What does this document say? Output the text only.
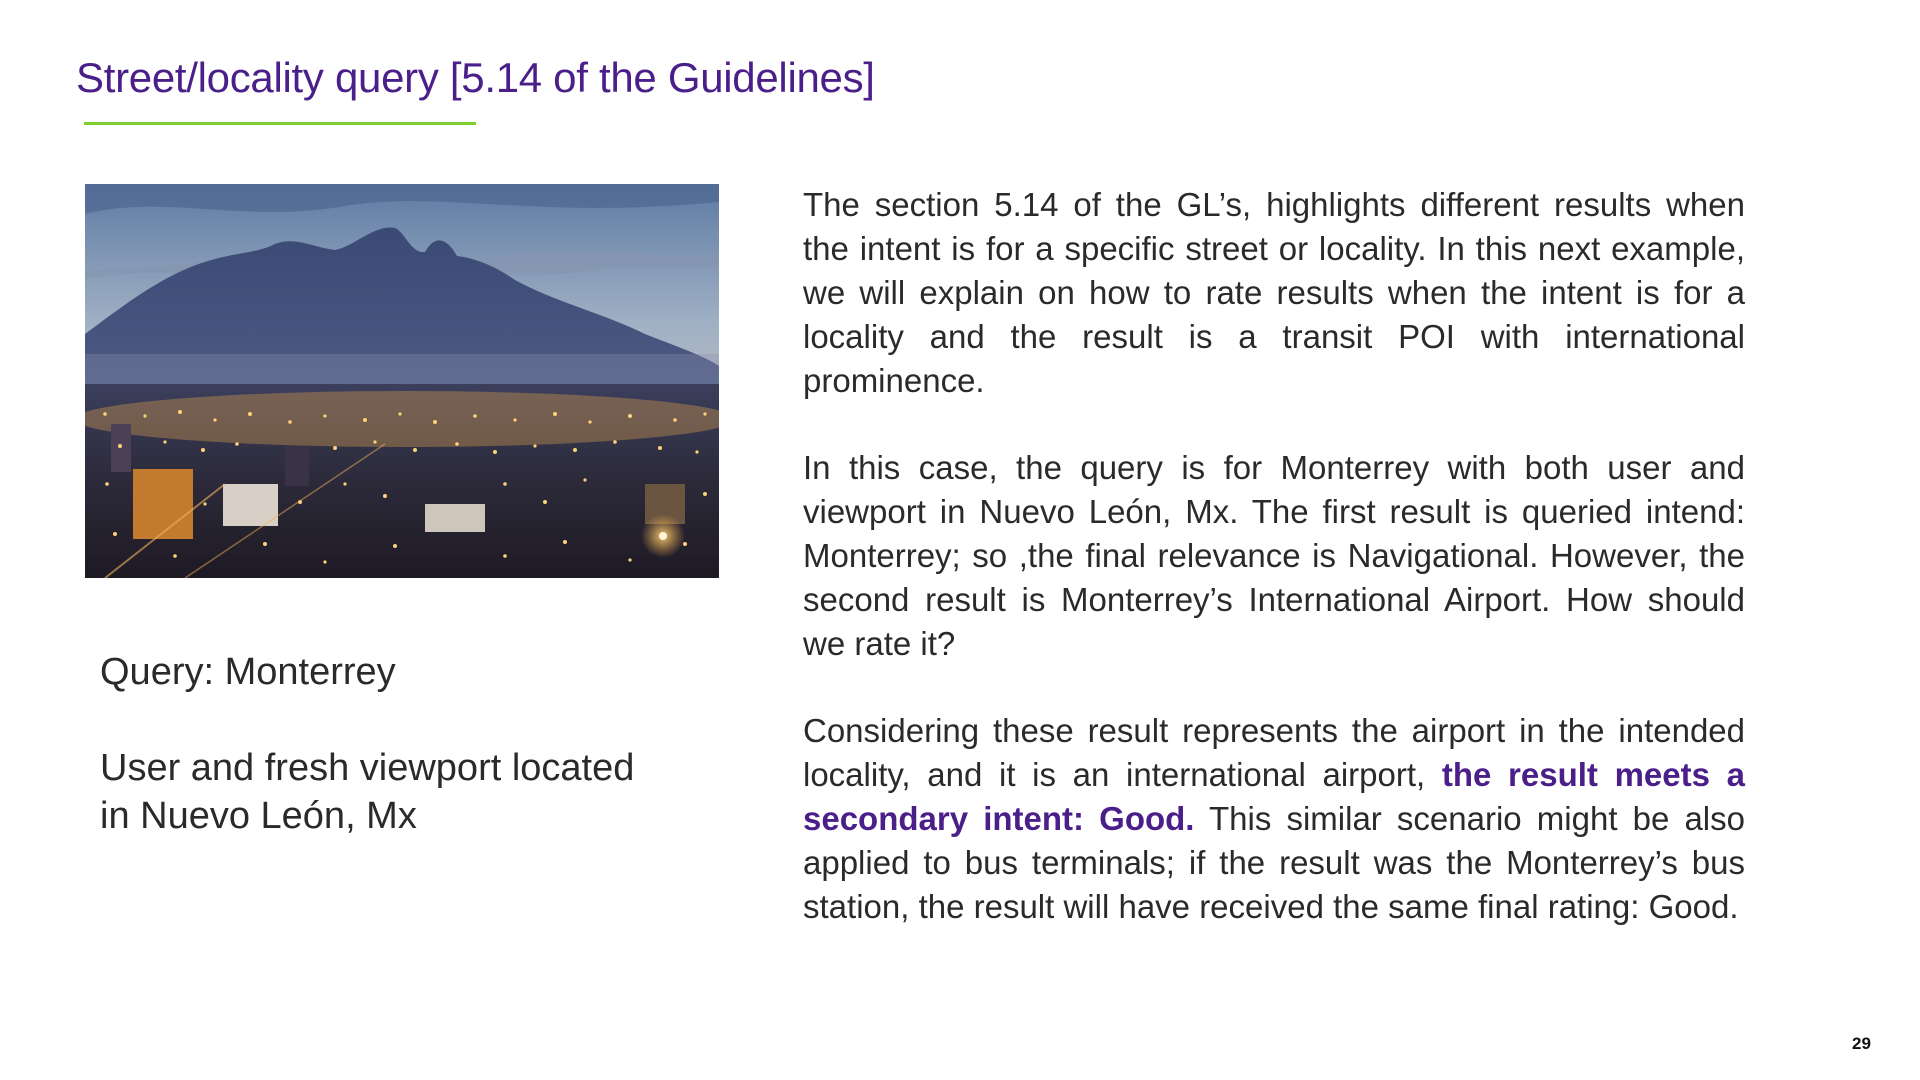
Street/locality query [5.14 of the Guidelines]

Query: Monterrey

User and fresh viewport located

in Nuevo León, Mx

The section 5.14 of the GL’s, highlights different results when the intent is for a specific street or locality. In this next example, we will explain on how to rate results when the intent is for a locality and the result is a transit POI with international prominence.

In this case, the query is for Monterrey with both user and viewport in Nuevo León, Mx. The first result is queried intend: Monterrey; so ,the final relevance is Navigational. However, the second result is Monterrey’s International Airport. How should we rate it?

Considering these result represents the airport in the intended locality, and it is an international airport, the result meets a secondary intent: Good. This similar scenario might be also applied to bus terminals; if the result was the Monterrey’s bus station, the result will have received the same final rating: Good.

29
